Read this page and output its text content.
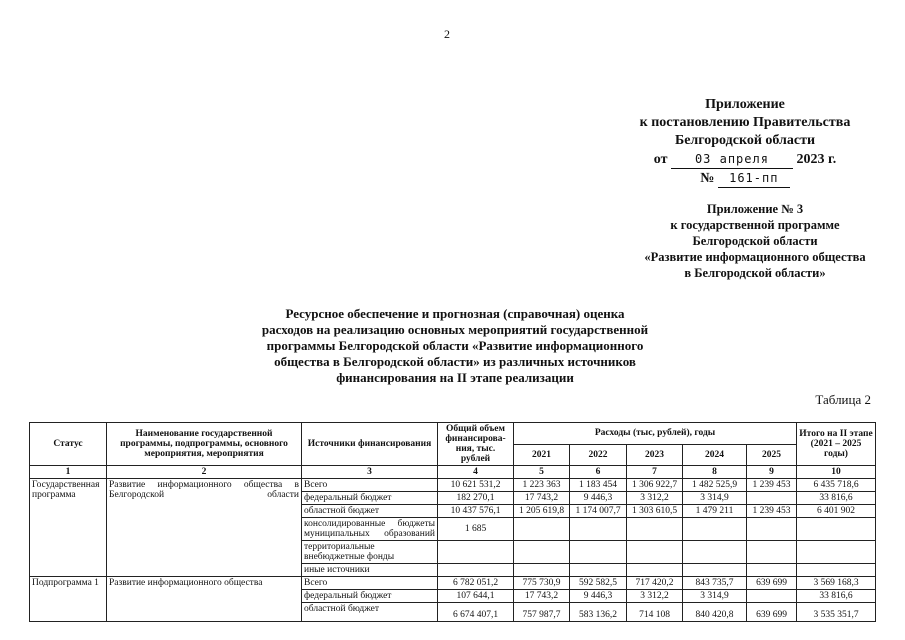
2
Приложение
к постановлению Правительства
Белгородской области
от 03 апреля 2023 г.
№ 161-пп
Приложение № 3
к государственной программе
Белгородской области
«Развитие информационного общества
в Белгородской области»
Ресурсное обеспечение и прогнозная (справочная) оценка
расходов на реализацию основных мероприятий государственной
программы Белгородской области «Развитие информационного
общества в Белгородской области» из различных источников
финансирования на II этапе реализации
Таблица 2
Статус	Наименование государственной программы, подпрограммы, основного мероприятия, мероприятия	Источники финансирования	Общий объем финансирова-ния, тыс. рублей	Расходы (тыс, рублей), годы					Итого на II этапе (2021 – 2025 годы)
				2021	2022	2023	2024	2025	
1	2	3	4	5	6	7	8	9	10
Государственная программа	Развитие информационного общества в Белгородской области	Всего	10 621 531,2	1 223 363	1 183 454	1 306 922,7	1 482 525,9	1 239 453	6 435 718,6
		федеральный бюджет	182 270,1	17 743,2	9 446,3	3 312,2	3 314,9		33 816,6
		областной бюджет	10 437 576,1	1 205 619,8	1 174 007,7	1 303 610,5	1 479 211	1 239 453	6 401 902
		консолидированные бюджеты муниципальных образований	1 685						
		территориальные внебюджетные фонды							
		иные источники							
Подпрограмма 1	Развитие информационного общества	Всего	6 782 051,2	775 730,9	592 582,5	717 420,2	843 735,7	639 699	3 569 168,3
		федеральный бюджет	107 644,1	17 743,2	9 446,3	3 312,2	3 314,9		33 816,6
		областной бюджет	6 674 407,1	757 987,7	583 136,2	714 108	840 420,8	639 699	3 535 351,7
